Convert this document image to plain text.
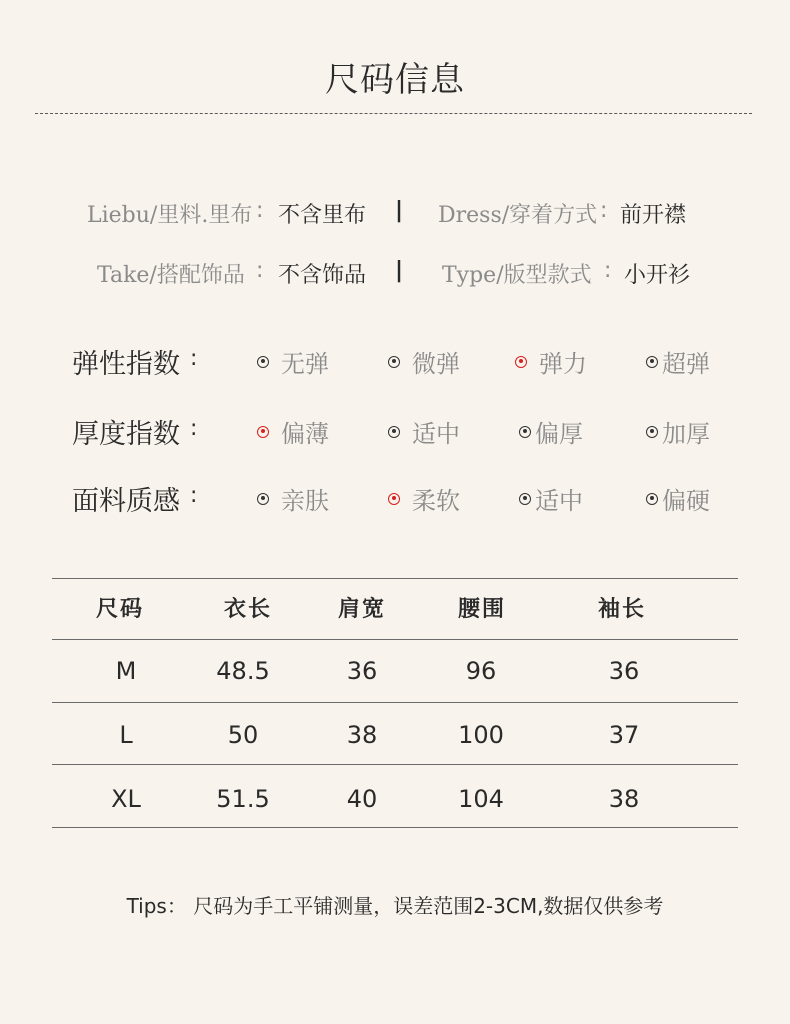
尺码信息
Liebu/里料.里布 : 不含里布 | Dress/穿着方式 : 前开襟
Take/搭配饰品 : 不含饰品 | Type/版型款式 : 小开衫
弹性指数 :	无弹	微弹	弹力	超弹
厚度指数 :	偏薄	适中	偏厚	加厚
面料质感 :	亲肤	柔软	适中	偏硬
尺码	衣长	肩宽	腰围	袖长
M	48.5	36	96	36
L	50	38	100	37
XL	51.5	40	104	38
Tips： 尺码为手工平铺测量，误差范围2-3CM,数据仅供参考
